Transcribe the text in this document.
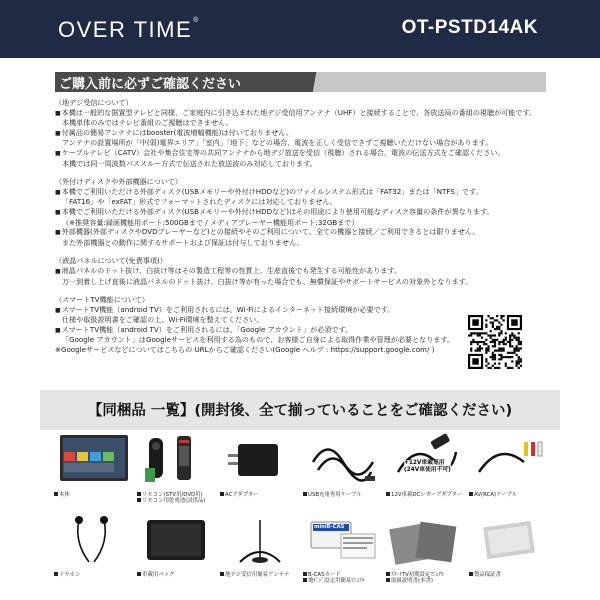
OVER TIME®	OT-PSTD14AK
ご購入前に必ずご確認ください
（地デジ受信について）
■ 本機は一般的な据置型テレビと同様、ご家庭内に引き込まれた地デジ受信用アンテナ（UHF）と接続することで、各放送局の番組の視聴が可能です。
本機単体のみではテレビ番組のご視聴はできません。
■ 付属品の簡易アンテナにはbooster(電波増幅機能)は付いておりません。
アンテナの設置場所が「中(弱)電界エリア」「室内」「地下」などの場合、電波を正しく受信できずご視聴いただけない場合があります。
■ ケーブルテレビ（CATV）会社や集合住宅等の共同アンテナから地デジ放送を受信（視聴）される場合、電波の伝送方式をご確認ください。
本機では同一周波数パススルー方式で伝送された放送波のみ対応しております。
（外付けディスクや外部機器について）
■ 本機でご利用いただける外部ディスク(USBメモリーや外付けHDDなど)のファイルシステム形式は「FAT32」または「NTFS」です。
「FAT16」や「exFAT」形式でフォーマットされたディスクには対応しておりません。
■ 本機でご利用いただける外部ディスク(USBメモリーや外付けHDDなど)はその用途により使用可能なディスク容量の条件が異なります。
（※推奨容量:録画機能用ポート:500GBまで / メディアプレーヤー機能用ポート:32GBまで）
■ 外部機器(外部ディスクやDVDプレーヤーなど)との接続やそのご利用について、全ての機器と接続／ご利用できるとは限りません。
また外部機器との動作に関するサポートおよび保証は付与しておりません。
（液晶パネルについて(免責事項)）
■ 液晶パネルのドット抜け、白抜け等はその製造工程等の性質上、生産直後でも発生する可能性があります。
万一到着し上げ直後に液晶パネルのドット抜け、白抜け等が有った場合でも、無償保証やサポートサービスの対象外となります。
（スマートTV機能について）
■ スマートTV機能（android TV）をご利用されるには、Wi-Fiによるインターネット接続環境が必要です。
仕様や取扱説明書をご確認の上、Wi-Fi環境を整えてください。
■ スマートTV機能（android TV）をご利用されるには、「Google アカウント」が必須です。
「Google アカウント」はGoogleサービスを利用する為のもので、お客様ご自身による取得作業や管理が必要となります。
※Googleサービスなどについてはこちらの URLからご確認ください(Google ヘルプ : https://support.google.com/ )
【同梱品 一覧】(開封後、全て揃っていることをご確認ください)
本体	リモコン(STV用/DVD用)
リモコン用乾電池(試供品)
ACアダプター	USB充電専用ケーブル
+12V車載専用
(24V車使用不可)
12V車載DCシガーアダプター	AV(RCA)ケーブル
イヤホン	車載用バッグ	地デジ受信用簡易アンテナ
miniB-CAS
B-CASカード
地ﾃﾞｼﾞ設定用簡易ﾏﾆｭｱﾙ
ｽﾏｰﾄTV初期設定ﾏﾆｭｱﾙ
取扱説明書(本書)
製品保証書
